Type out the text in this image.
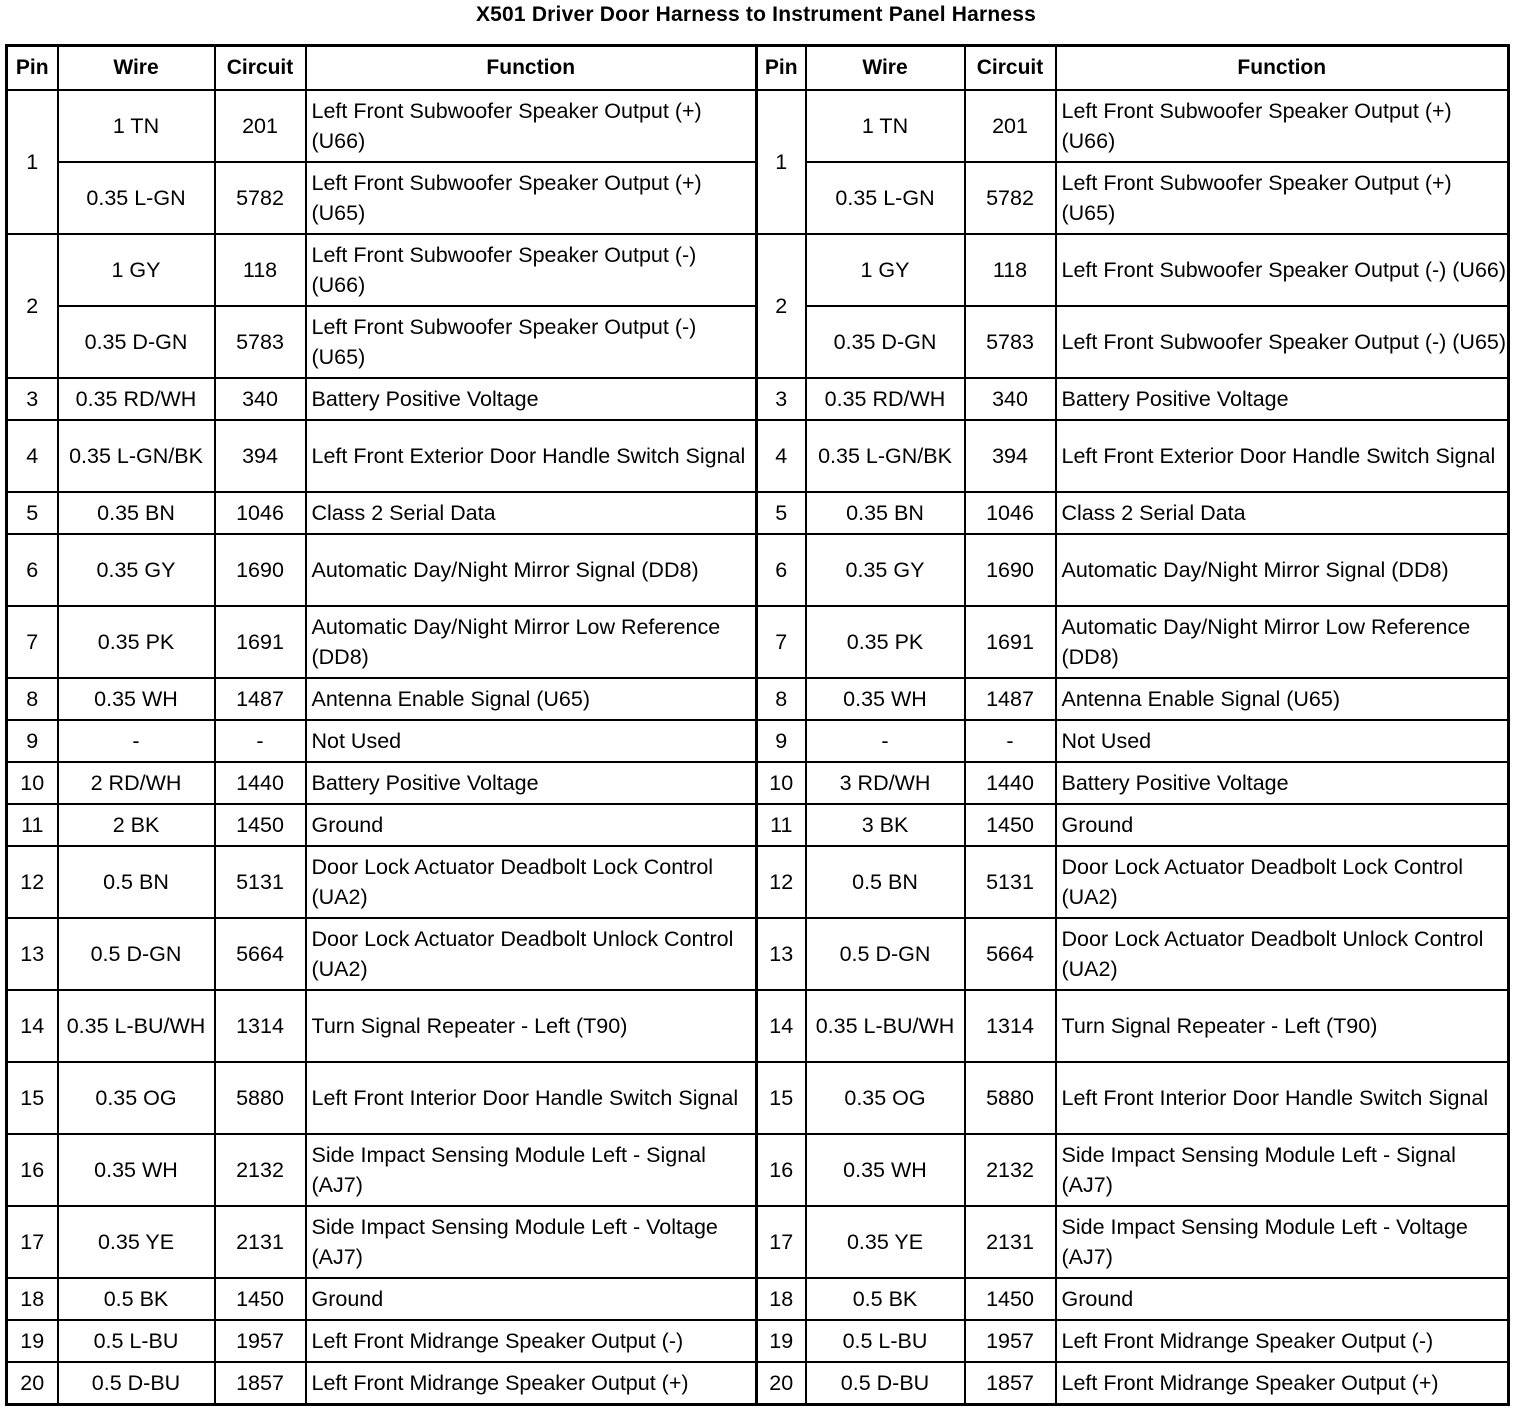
X501 Driver Door Harness to Instrument Panel Harness
Pin	Wire	Circuit	Function	Pin	Wire	Circuit	Function
1	1 TN	201	Left Front Subwoofer Speaker Output (+) (U66)	1	1 TN	201	Left Front Subwoofer Speaker Output (+) (U66)
	0.35 L-GN	5782	Left Front Subwoofer Speaker Output (+) (U65)		0.35 L-GN	5782	Left Front Subwoofer Speaker Output (+) (U65)
2	1 GY	118	Left Front Subwoofer Speaker Output (-) (U66)	2	1 GY	118	Left Front Subwoofer Speaker Output (-) (U66)
	0.35 D-GN	5783	Left Front Subwoofer Speaker Output (-) (U65)		0.35 D-GN	5783	Left Front Subwoofer Speaker Output (-) (U65)
3	0.35 RD/WH	340	Battery Positive Voltage	3	0.35 RD/WH	340	Battery Positive Voltage
4	0.35 L-GN/BK	394	Left Front Exterior Door Handle Switch Signal	4	0.35 L-GN/BK	394	Left Front Exterior Door Handle Switch Signal
5	0.35 BN	1046	Class 2 Serial Data	5	0.35 BN	1046	Class 2 Serial Data
6	0.35 GY	1690	Automatic Day/Night Mirror Signal (DD8)	6	0.35 GY	1690	Automatic Day/Night Mirror Signal (DD8)
7	0.35 PK	1691	Automatic Day/Night Mirror Low Reference (DD8)	7	0.35 PK	1691	Automatic Day/Night Mirror Low Reference (DD8)
8	0.35 WH	1487	Antenna Enable Signal (U65)	8	0.35 WH	1487	Antenna Enable Signal (U65)
9	-	-	Not Used	9	-	-	Not Used
10	2 RD/WH	1440	Battery Positive Voltage	10	3 RD/WH	1440	Battery Positive Voltage
11	2 BK	1450	Ground	11	3 BK	1450	Ground
12	0.5 BN	5131	Door Lock Actuator Deadbolt Lock Control (UA2)	12	0.5 BN	5131	Door Lock Actuator Deadbolt Lock Control (UA2)
13	0.5 D-GN	5664	Door Lock Actuator Deadbolt Unlock Control (UA2)	13	0.5 D-GN	5664	Door Lock Actuator Deadbolt Unlock Control (UA2)
14	0.35 L-BU/WH	1314	Turn Signal Repeater - Left (T90)	14	0.35 L-BU/WH	1314	Turn Signal Repeater - Left (T90)
15	0.35 OG	5880	Left Front Interior Door Handle Switch Signal	15	0.35 OG	5880	Left Front Interior Door Handle Switch Signal
16	0.35 WH	2132	Side Impact Sensing Module Left - Signal (AJ7)	16	0.35 WH	2132	Side Impact Sensing Module Left - Signal (AJ7)
17	0.35 YE	2131	Side Impact Sensing Module Left - Voltage (AJ7)	17	0.35 YE	2131	Side Impact Sensing Module Left - Voltage (AJ7)
18	0.5 BK	1450	Ground	18	0.5 BK	1450	Ground
19	0.5 L-BU	1957	Left Front Midrange Speaker Output (-)	19	0.5 L-BU	1957	Left Front Midrange Speaker Output (-)
20	0.5 D-BU	1857	Left Front Midrange Speaker Output (+)	20	0.5 D-BU	1857	Left Front Midrange Speaker Output (+)
